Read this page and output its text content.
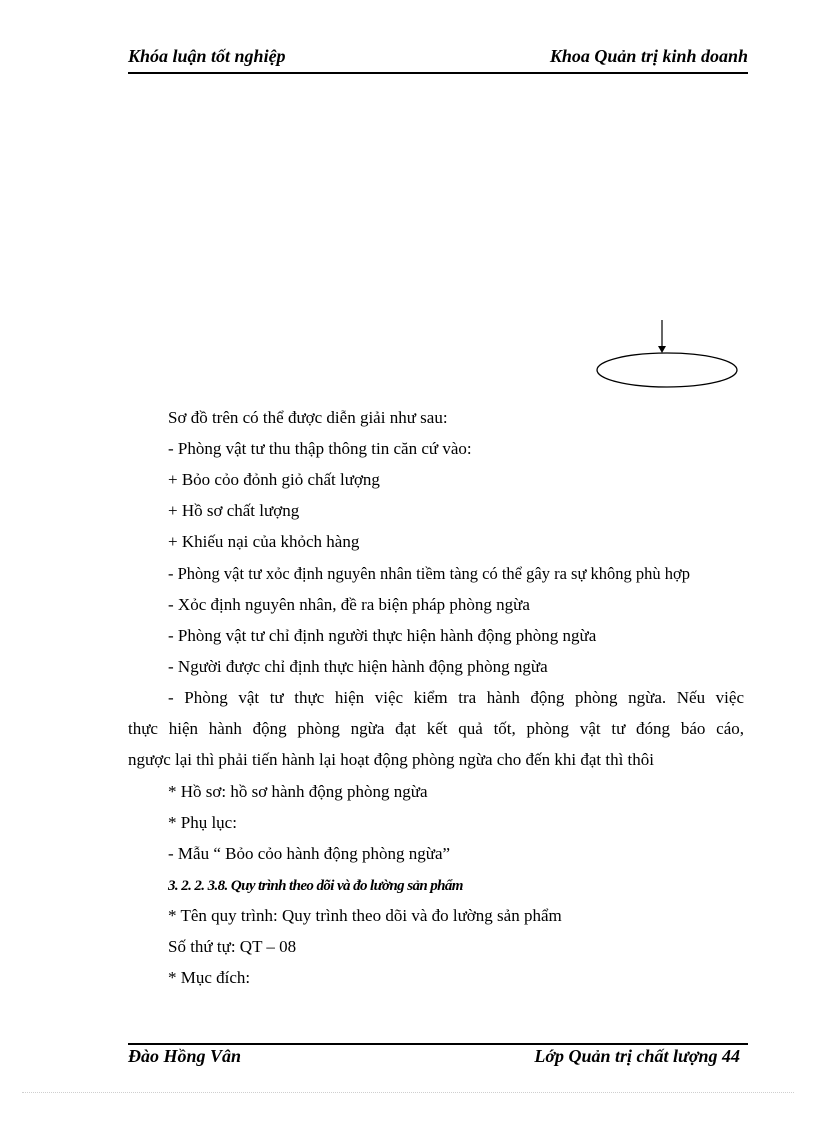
Khóa luận tốt nghiệp	Khoa Quản trị kinh doanh
Sơ đồ trên có thể được diễn giải như sau:
- Phòng vật tư thu thập thông tin căn cứ vào:
+ Bỏo cỏo đỏnh giỏ chất lượng
+ Hồ sơ chất lượng
+ Khiếu nại của khỏch hàng
- Phòng vật tư xỏc định nguyên nhân tiềm tàng có thể gây ra sự không phù hợp
- Xỏc định nguyên nhân, đề ra biện pháp phòng ngừa
- Phòng vật tư chỉ định người thực hiện hành động phòng ngừa
- Người được chỉ định thực hiện hành động phòng ngừa
- Phòng vật tư thực hiện việc kiểm tra hành động phòng ngừa. Nếu việc
thực hiện hành động phòng ngừa đạt kết quả tốt, phòng vật tư đóng báo cáo,
ngược lại thì phải tiến hành lại hoạt động phòng ngừa cho đến khi đạt thì thôi
* Hồ sơ: hồ sơ hành động phòng ngừa
* Phụ lục:
- Mẫu “ Bỏo cỏo hành động phòng ngừa”
3. 2. 2. 3.8. Quy trình theo dõi và đo lường sản phẩm
* Tên quy trình: Quy trình theo dõi và đo lường sản phẩm
Số thứ tự: QT – 08
* Mục đích:
Đào Hồng Vân	Lớp Quản trị chất lượng 44
